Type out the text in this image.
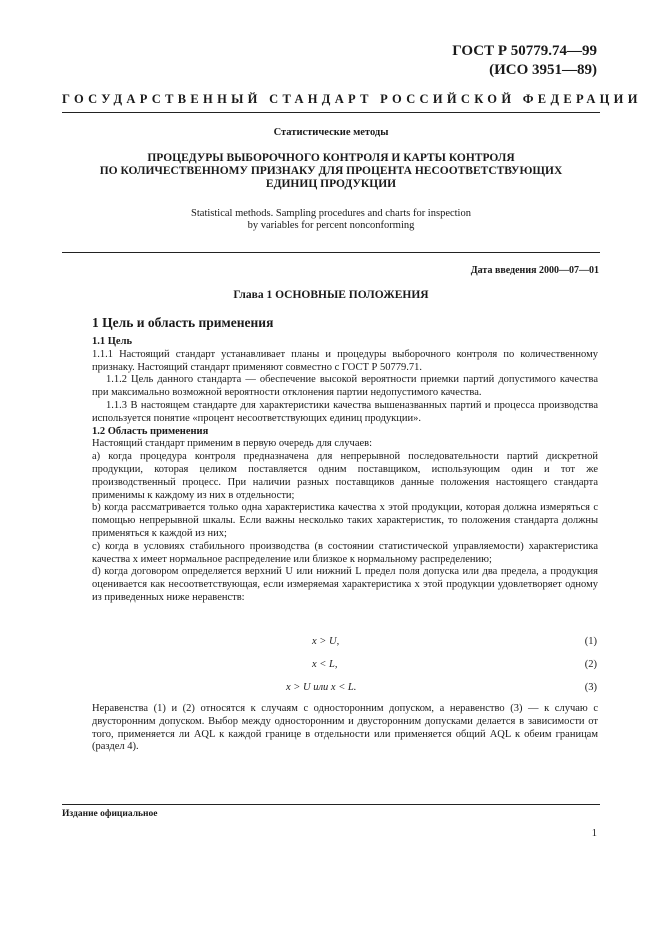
ГОСТ Р 50779.74—99
(ИСО 3951—89)
ГОСУДАРСТВЕННЫЙ СТАНДАРТ РОССИЙСКОЙ ФЕДЕРАЦИИ
Статистические методы
ПРОЦЕДУРЫ ВЫБОРОЧНОГО КОНТРОЛЯ И КАРТЫ КОНТРОЛЯ
ПО КОЛИЧЕСТВЕННОМУ ПРИЗНАКУ ДЛЯ ПРОЦЕНТА НЕСООТВЕТСТВУЮЩИХ
ЕДИНИЦ ПРОДУКЦИИ
Statistical methods. Sampling procedures and charts for inspection
by variables for percent nonconforming
Дата введения 2000—07—01
Глава 1 ОСНОВНЫЕ ПОЛОЖЕНИЯ
1 Цель и область применения

1.1 Цель

1.1.1 Настоящий стандарт устанавливает планы и процедуры выборочного контроля по количественному признаку. Настоящий стандарт применяют совместно с ГОСТ Р 50779.71.

1.1.2 Цель данного стандарта — обеспечение высокой вероятности приемки партий допустимого качества при максимально возможной вероятности отклонения партии недопустимого качества.

1.1.3 В настоящем стандарте для характеристики качества вышеназванных партий и процесса производства используется понятие «процент несоответствующих единиц продукции».

1.2 Область применения

Настоящий стандарт применим в первую очередь для случаев:

a) когда процедура контроля предназначена для непрерывной последовательности партий дискретной продукции, которая целиком поставляется одним поставщиком, использующим один и тот же производственный процесс. При наличии разных поставщиков данные положения настоящего стандарта применимы к каждому из них в отдельности;

b) когда рассматривается только одна характеристика качества x этой продукции, которая должна измеряться с помощью непрерывной шкалы. Если важны несколько таких характеристик, то положения стандарта должны применяться к каждой из них;

c) когда в условиях стабильного производства (в состоянии статистической управляемости) характеристика качества x имеет нормальное распределение или близкое к нормальному распределению;

d) когда договором определяется верхний U или нижний L предел поля допуска или два предела, а продукция оценивается как несоответствующая, если измеряемая характеристика x этой продукции удовлетворяет одному из приведенных ниже неравенств:

x > U,	(1)
x < L,	(2)
x > U или x < L.	(3)

Неравенства (1) и (2) относятся к случаям с односторонним допуском, а неравенство (3) — к случаю с двусторонним допуском. Выбор между односторонним и двусторонним допусками делается в зависимости от того, применяется ли AQL к каждой границе в отдельности или применяется общий AQL к обеим границам (раздел 4).

Издание официальное
1
